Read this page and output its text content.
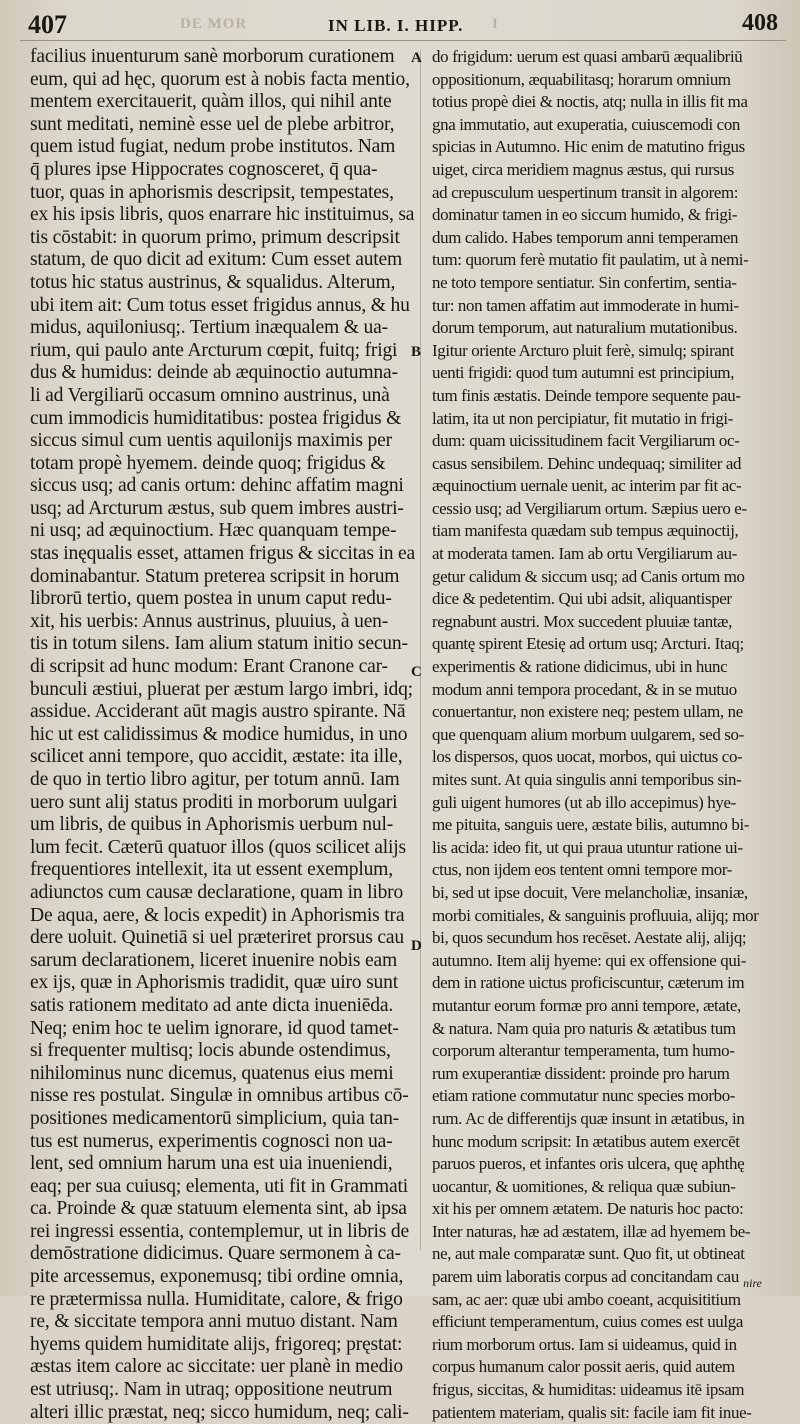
407	DE MOR	IN LIB. I. HIPP. I	408
A
B
C
D
facilius inuenturum sanè morborum curationem
eum, qui ad hęc, quorum est à nobis facta mentio,
mentem exercitauerit, quàm illos, qui nihil ante
sunt meditati, neminè esse uel de plebe arbitror,
quem istud fugiat, nedum probe institutos. Nam
q̄ plures ipse Hippocrates cognosceret, q̄ qua-
tuor, quas in aphorismis descripsit, tempestates,
ex his ipsis libris, quos enarrare hic instituimus, sa
tis cōstabit: in quorum primo, primum descripsit
statum, de quo dicit ad exitum: Cum esset autem
totus hic status austrinus, & squalidus. Alterum,
ubi item ait: Cum totus esset frigidus annus, & hu
midus, aquiloniusq;. Tertium inæqualem & ua-
rium, qui paulo ante Arcturum cœpit, fuitq; frigi
dus & humidus: deinde ab æquinoctio autumna-
li ad Vergiliarū occasum omnino austrinus, unà
cum immodicis humiditatibus: postea frigidus &
siccus simul cum uentis aquilonijs maximis per
totam propè hyemem. deinde quoq; frigidus &
siccus usq; ad canis ortum: dehinc affatim magni
usq; ad Arcturum æstus, sub quem imbres austri-
ni usq; ad æquinoctium. Hæc quanquam tempe-
stas inęqualis esset, attamen frigus & siccitas in ea
dominabantur. Statum preterea scripsit in horum
librorū tertio, quem postea in unum caput redu-
xit, his uerbis: Annus austrinus, pluuius, à uen-
tis in totum silens. Iam alium statum initio secun-
di scripsit ad hunc modum: Erant Cranone car-
bunculi æstiui, pluerat per æstum largo imbri, idq;
assidue. Acciderant aūt magis austro spirante. Nā
hic ut est calidissimus & modice humidus, in uno
scilicet anni tempore, quo accidit, æstate: ita ille,
de quo in tertio libro agitur, per totum annū. Iam
uero sunt alij status proditi in morborum uulgari
um libris, de quibus in Aphorismis uerbum nul-
lum fecit. Cæterū quatuor illos (quos scilicet alijs
frequentiores intellexit, ita ut essent exemplum,
adiunctos cum causæ declaratione, quam in libro
De aqua, aere, & locis expedit) in Aphorismis tra
dere uoluit. Quinetiā si uel præteriret prorsus cau
sarum declarationem, liceret inuenire nobis eam
ex ijs, quæ in Aphorismis tradidit, quæ uiro sunt
satis rationem meditato ad ante dicta inueniēda.
Neq; enim hoc te uelim ignorare, id quod tamet-
si frequenter multisq; locis abunde ostendimus,
nihilominus nunc dicemus, quatenus eius memi
nisse res postulat. Singulæ in omnibus artibus cō-
positiones medicamentorū simplicium, quia tan-
tus est numerus, experimentis cognosci non ua-
lent, sed omnium harum una est uia inueniendi,
eaq; per sua cuiusq; elementa, uti fit in Grammati
ca. Proinde & quæ statuum elementa sint, ab ipsa
rei ingressi essentia, contemplemur, ut in libris de
demōstratione didicimus. Quare sermonem à ca-
pite arcessemus, exponemusq; tibi ordine omnia,
re prætermissa nulla. Humiditate, calore, & frigo
re, & siccitate tempora anni mutuo distant. Nam
hyems quidem humiditate alijs, frigoreq; pręstat:
æstas item calore ac siccitate: uer planè in medio
est utriusq;. Nam in utraq; oppositione neutrum
alteri illic præstat, neq; sicco humidum, neq; cali-
do frigidum: uerum est quasi ambarū æqualibriū
oppositionum, æquabilitasq; horarum omnium
totius propè diei & noctis, atq; nulla in illis fit ma
gna immutatio, aut exuperatia, cuiuscemodi con
spicias in Autumno. Hic enim de matutino frigus
uiget, circa meridiem magnus æstus, qui rursus
ad crepusculum uespertinum transit in algorem:
dominatur tamen in eo siccum humido, & frigi-
dum calido. Habes temporum anni temperamen
tum: quorum ferè mutatio fit paulatim, ut à nemi-
ne toto tempore sentiatur. Sin confertim, sentia-
tur: non tamen affatim aut immoderate in humi-
dorum temporum, aut naturalium mutationibus.
Igitur oriente Arcturo pluit ferè, simulq; spirant
uenti frigidi: quod tum autumni est principium,
tum finis æstatis. Deinde tempore sequente pau-
latim, ita ut non percipiatur, fit mutatio in frigi-
dum: quam uicissitudinem facit Vergiliarum oc-
casus sensibilem. Dehinc undequaq; similiter ad
æquinoctium uernale uenit, ac interim par fit ac-
cessio usq; ad Vergiliarum ortum. Sæpius uero e-
tiam manifesta quædam sub tempus æquinoctij,
at moderata tamen. Iam ab ortu Vergiliarum au-
getur calidum & siccum usq; ad Canis ortum mo
dice & pedetentim. Qui ubi adsit, aliquantisper
regnabunt austri. Mox succedent pluuiæ tantæ,
quantę spirent Etesię ad ortum usq; Arcturi. Itaq;
experimentis & ratione didicimus, ubi in hunc
modum anni tempora procedant, & in se mutuo
conuertantur, non existere neq; pestem ullam, ne
que quenquam alium morbum uulgarem, sed so-
los dispersos, quos uocat, morbos, qui uictus co-
mites sunt. At quia singulis anni temporibus sin-
guli uigent humores (ut ab illo accepimus) hye-
me pituita, sanguis uere, æstate bilis, autumno bi-
lis acida: ideo fit, ut qui praua utuntur ratione ui-
ctus, non ijdem eos tentent omni tempore mor-
bi, sed ut ipse docuit, Vere melancholiæ, insaniæ,
morbi comitiales, & sanguinis profluuia, alijq; mor
bi, quos secundum hos recēset. Aestate alij, alijq;
autumno. Item alij hyeme: qui ex offensione qui-
dem in ratione uictus proficiscuntur, cæterum im
mutantur eorum formæ pro anni tempore, ætate,
& natura. Nam quia pro naturis & ætatibus tum
corporum alterantur temperamenta, tum humo-
rum exuperantiæ dissident: proinde pro harum
etiam ratione commutatur nunc species morbo-
rum. Ac de differentijs quæ insunt in ætatibus, in
hunc modum scripsit: In ætatibus autem exercēt
paruos pueros, et infantes oris ulcera, quę aphthę
uocantur, & uomitiones, & reliqua quæ subiun-
xit his per omnem ætatem. De naturis hoc pacto:
Inter naturas, hæ ad æstatem, illæ ad hyemem be-
ne, aut male comparatæ sunt. Quo fit, ut obtineat
parem uim laboratis corpus ad concitandam cau
sam, ac aer: quæ ubi ambo coeant, acquisititium
efficiunt temperamentum, cuius comes est uulga
rium morborum ortus. Iam si uideamus, quid in
corpus humanum calor possit aeris, quid autem
frigus, siccitas, & humiditas: uideamus itē ipsam
patientem materiam, qualis sit: facile iam fit inue-
nire
